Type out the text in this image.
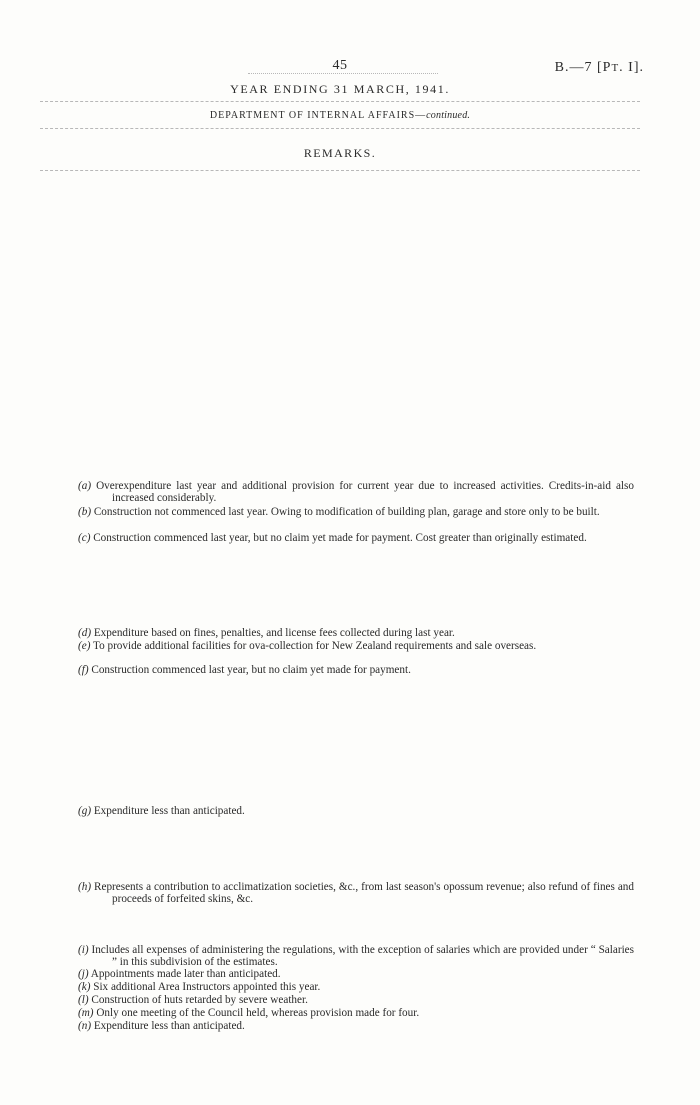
45	B.—7 [PT. I].
YEAR ENDING 31 MARCH, 1941.
DEPARTMENT OF INTERNAL AFFAIRS—continued.
REMARKS.
(a) Overexpenditure last year and additional provision for current year due to increased activities. Credits-in-aid also increased considerably.
(b) Construction not commenced last year. Owing to modification of building plan, garage and store only to be built.
(c) Construction commenced last year, but no claim yet made for payment. Cost greater than originally estimated.
(d) Expenditure based on fines, penalties, and license fees collected during last year.
(e) To provide additional facilities for ova-collection for New Zealand requirements and sale overseas.
(f) Construction commenced last year, but no claim yet made for payment.
(g) Expenditure less than anticipated.
(h) Represents a contribution to acclimatization societies, &c., from last season's opossum revenue; also refund of fines and proceeds of forfeited skins, &c.
(i) Includes all expenses of administering the regulations, with the exception of salaries which are provided under “ Salaries ” in this subdivision of the estimates.
(j) Appointments made later than anticipated.
(k) Six additional Area Instructors appointed this year.
(l) Construction of huts retarded by severe weather.
(m) Only one meeting of the Council held, whereas provision made for four.
(n) Expenditure less than anticipated.
